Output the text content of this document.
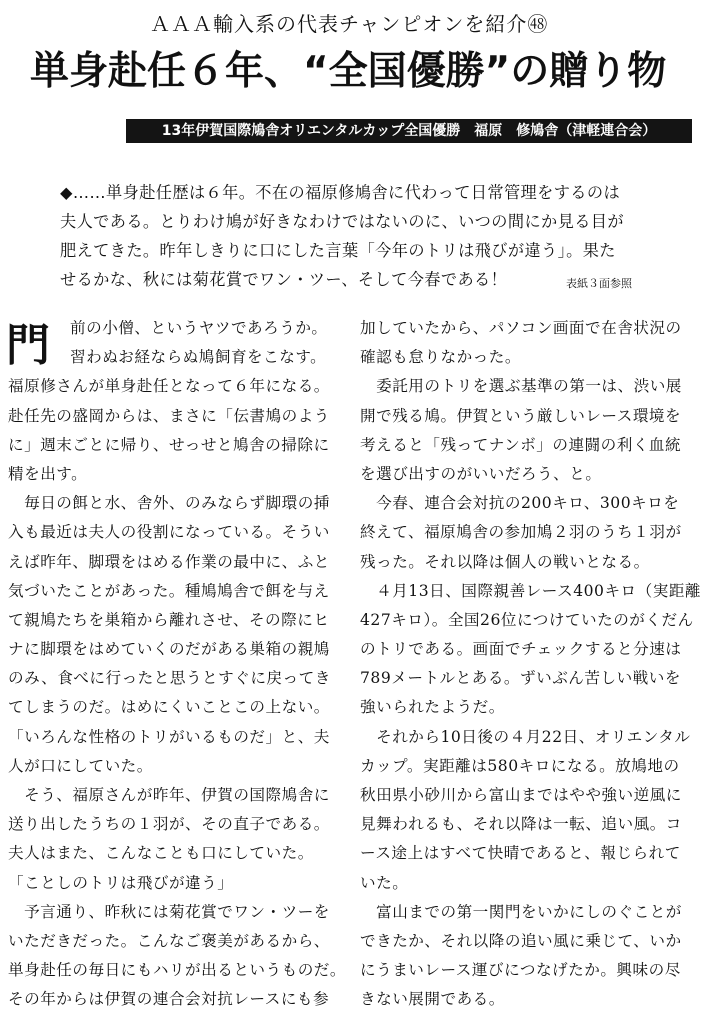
ＡＡＡ輸入系の代表チャンピオンを紹介㊽
単身赴任６年、“全国優勝”の贈り物
13年伊賀国際鳩舎オリエンタルカップ全国優勝　福原　修鳩舎（津軽連合会）
◆……単身赴任歴は６年。不在の福原修鳩舎に代わって日常管理をするのは
夫人である。とりわけ鳩が好きなわけではないのに、いつの間にか見る目が
肥えてきた。昨年しきりに口にした言葉「今年のトリは飛びが違う」。果た
せるかな、秋には菊花賞でワン・ツー、そして今春である！	表紙３面参照
門	前の小僧、というヤツであろうか。
習わぬお経ならぬ鳩飼育をこなす。
福原修さんが単身赴任となって６年になる。
赴任先の盛岡からは、まさに「伝書鳩のよう
に」週末ごとに帰り、せっせと鳩舎の掃除に
精を出す。
　毎日の餌と水、舎外、のみならず脚環の挿
入も最近は夫人の役割になっている。そうい
えば昨年、脚環をはめる作業の最中に、ふと
気づいたことがあった。種鳩鳩舎で餌を与え
て親鳩たちを巣箱から離れさせ、その際にヒ
ナに脚環をはめていくのだがある巣箱の親鳩
のみ、食べに行ったと思うとすぐに戻ってき
てしまうのだ。はめにくいことこの上ない。
「いろんな性格のトリがいるものだ」と、夫
人が口にしていた。
　そう、福原さんが昨年、伊賀の国際鳩舎に
送り出したうちの１羽が、その直子である。
夫人はまた、こんなことも口にしていた。
「ことしのトリは飛びが違う」
　予言通り、昨秋には菊花賞でワン・ツーを
いただきだった。こんなご褒美があるから、
単身赴任の毎日にもハリが出るというものだ。
その年からは伊賀の連合会対抗レースにも参
加していたから、パソコン画面で在舎状況の
確認も怠りなかった。
　委託用のトリを選ぶ基準の第一は、渋い展
開で残る鳩。伊賀という厳しいレース環境を
考えると「残ってナンボ」の連闘の利く血統
を選び出すのがいいだろう、と。
　今春、連合会対抗の200キロ、300キロを
終えて、福原鳩舎の参加鳩２羽のうち１羽が
残った。それ以降は個人の戦いとなる。
　４月13日、国際親善レース400キロ（実距離
427キロ）。全国26位につけていたのがくだん
のトリである。画面でチェックすると分速は
789メートルとある。ずいぶん苦しい戦いを
強いられたようだ。
　それから10日後の４月22日、オリエンタル
カップ。実距離は580キロになる。放鳩地の
秋田県小砂川から富山まではやや強い逆風に
見舞われるも、それ以降は一転、追い風。コ
ース途上はすべて快晴であると、報じられて
いた。
　富山までの第一関門をいかにしのぐことが
できたか、それ以降の追い風に乗じて、いか
にうまいレース運びにつなげたか。興味の尽
きない展開である。
